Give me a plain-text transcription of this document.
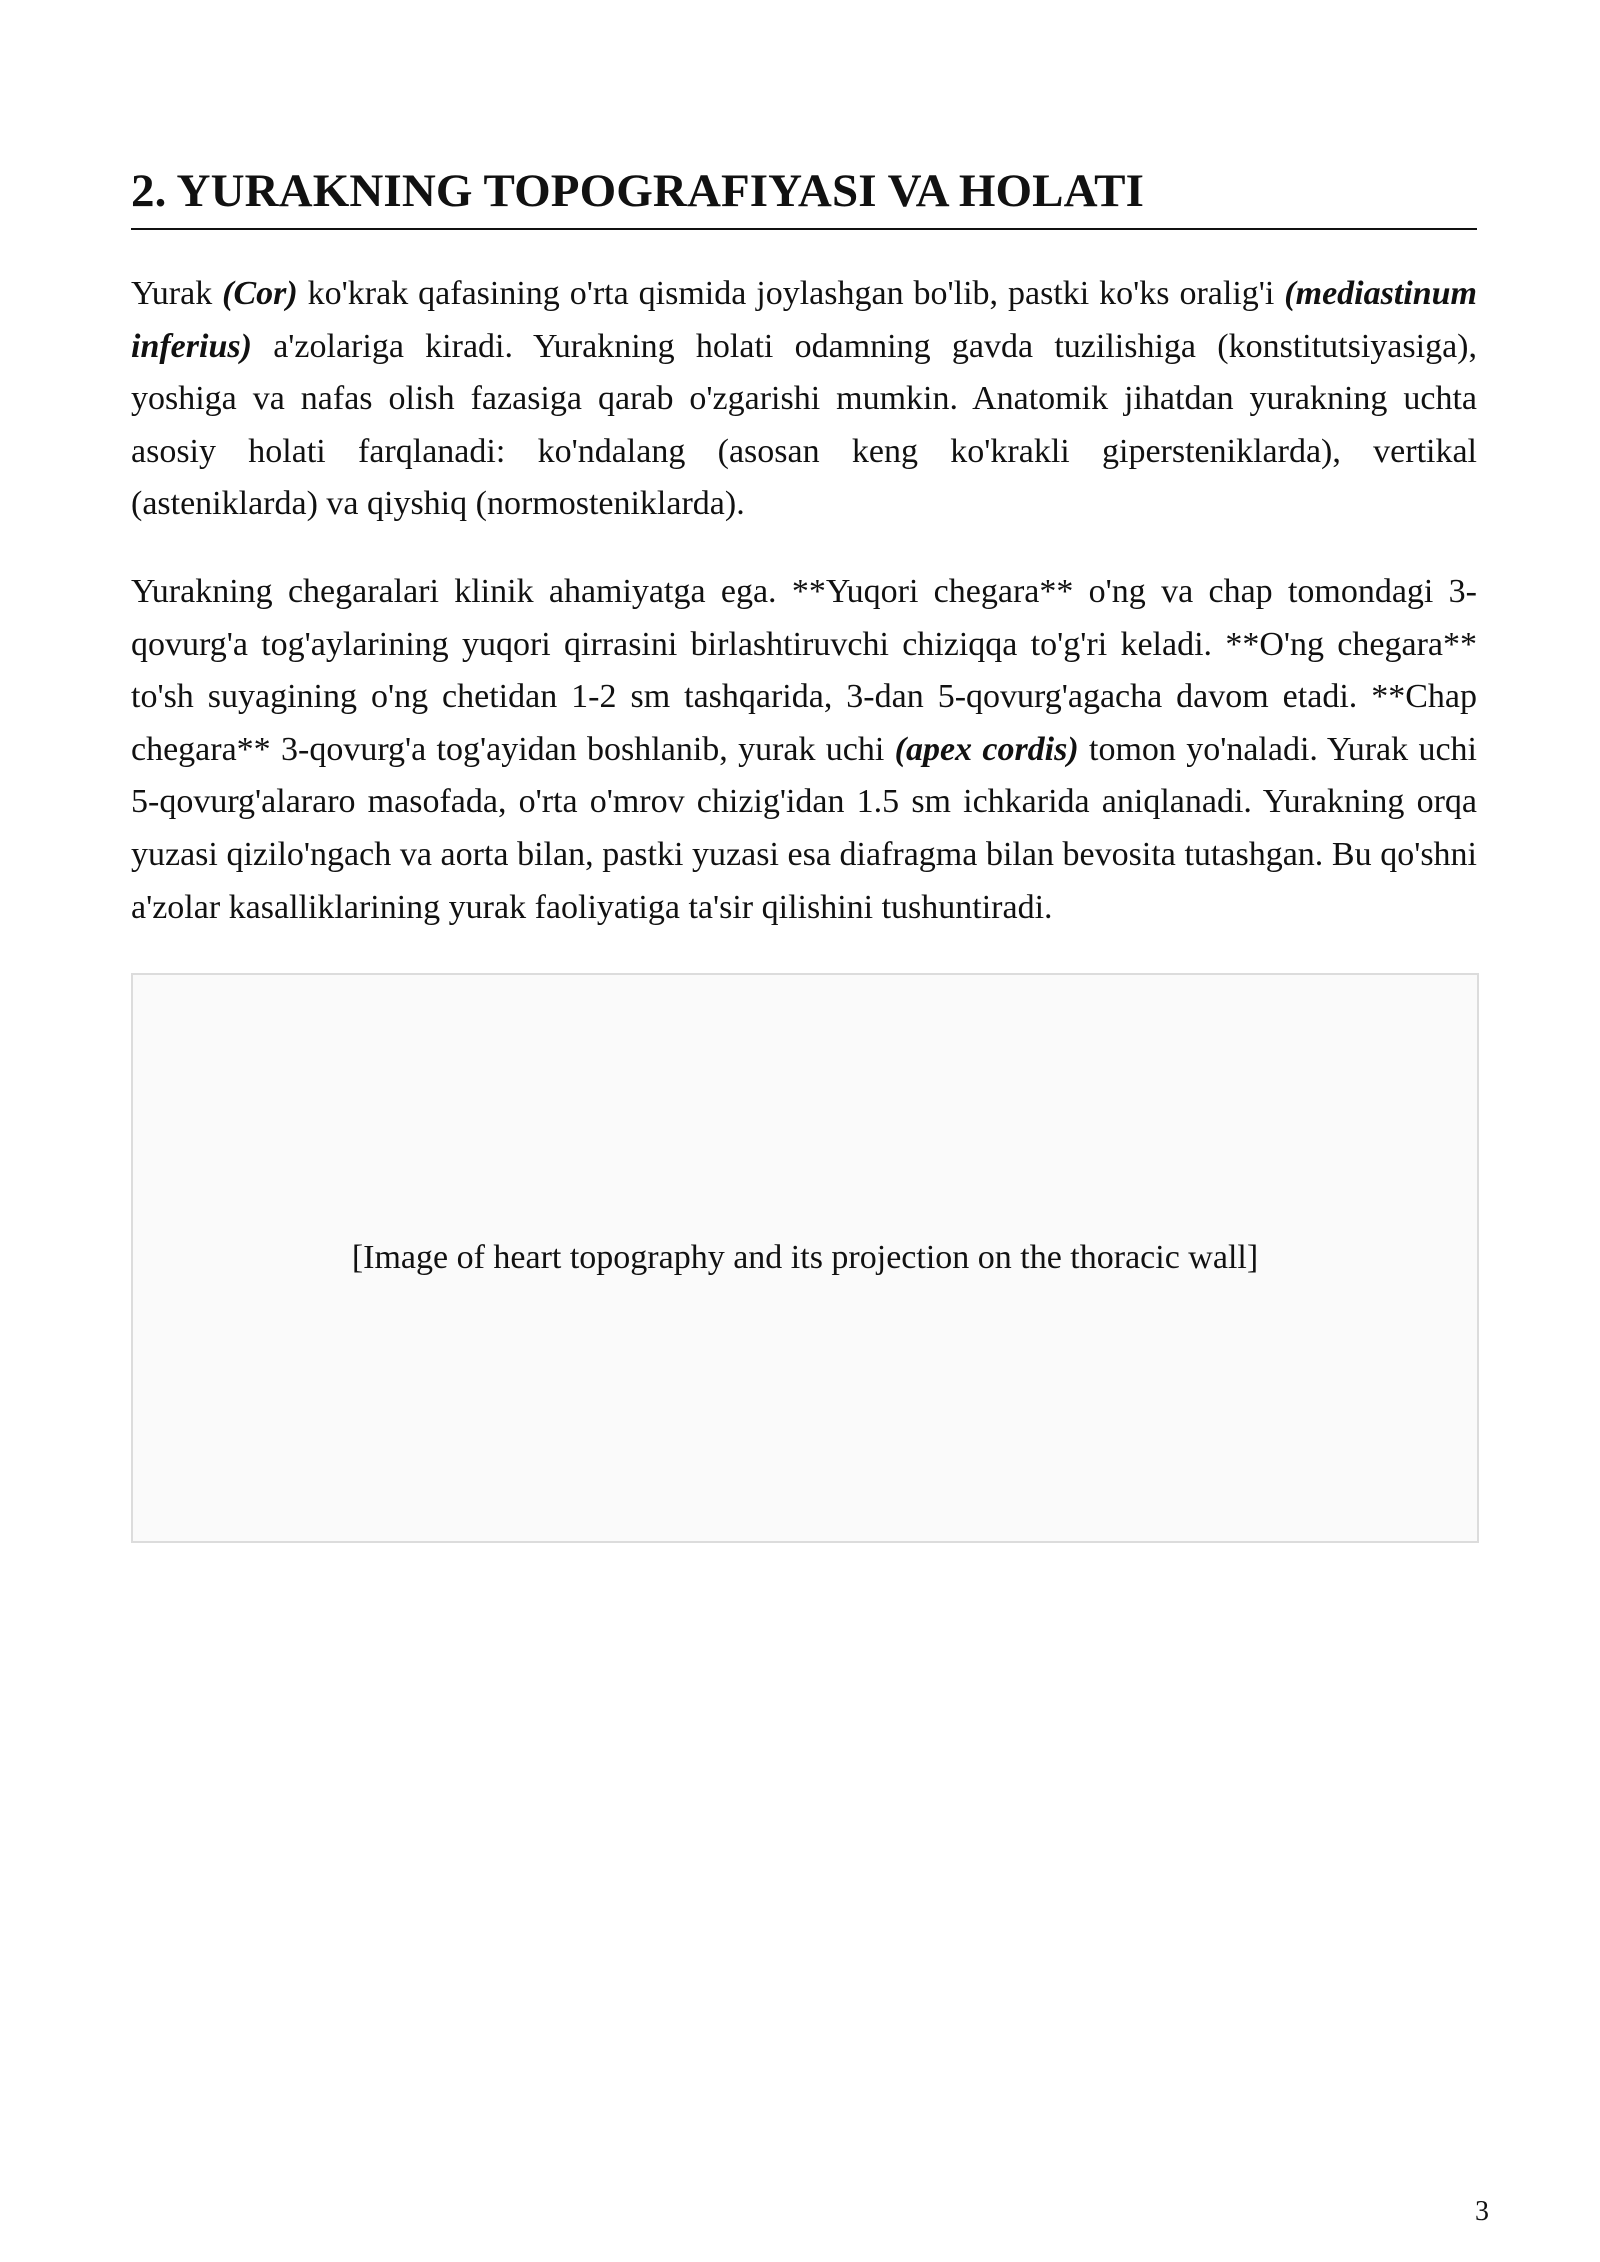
2. YURAKNING TOPOGRAFIYASI VA HOLATI

Yurak (Cor) ko'krak qafasining o'rta qismida joylashgan bo'lib, pastki ko'ks oralig'i (mediastinum inferius) a'zolariga kiradi. Yurakning holati odamning gavda tuzilishiga (konstitutsiyasiga), yoshiga va nafas olish fazasiga qarab o'zgarishi mumkin. Anatomik jihatdan yurakning uchta asosiy holati farqlanadi: ko'ndalang (asosan keng ko'krakli gipersteniklarda), vertikal (asteniklarda) va qiyshiq (normosteniklarda).

Yurakning chegaralari klinik ahamiyatga ega. **Yuqori chegara** o'ng va chap tomondagi 3-qovurg'a tog'aylarining yuqori qirrasini birlashtiruvchi chiziqqa to'g'ri keladi. **O'ng chegara** to'sh suyagining o'ng chetidan 1-2 sm tashqarida, 3-dan 5-qovurg'agacha davom etadi. **Chap chegara** 3-qovurg'a tog'ayidan boshlanib, yurak uchi (apex cordis) tomon yo'naladi. Yurak uchi 5-qovurg'alararo masofada, o'rta o'mrov chizig'idan 1.5 sm ichkarida aniqlanadi. Yurakning orqa yuzasi qizilo'ngach va aorta bilan, pastki yuzasi esa diafragma bilan bevosita tutashgan. Bu qo'shni a'zolar kasalliklarining yurak faoliyatiga ta'sir qilishini tushuntiradi.

[Image of heart topography and its projection on the thoracic wall]
3
